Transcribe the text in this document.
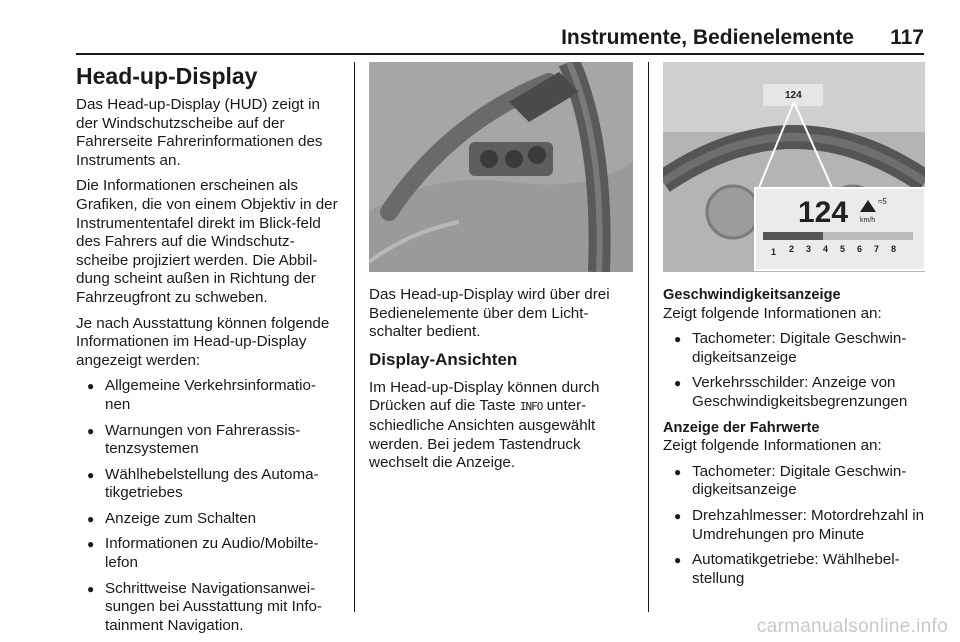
Instrumente, Bedienelemente 117
Head-up-Display

Das Head-up-Display (HUD) zeigt in der Windschutzscheibe auf der Fahrerseite Fahrerinformationen des Instruments an.

Die Informationen erscheinen als Grafiken, die von einem Objektiv in der Instrumententafel direkt im Blick-feld des Fahrers auf die Windschutz-scheibe projiziert werden. Die Abbil-dung scheint außen in Richtung der Fahrzeugfront zu schweben.

Je nach Ausstattung können folgende Informationen im Head-up-Display angezeigt werden:

● Allgemeine Verkehrsinformatio-nen
● Warnungen von Fahrerassis-tenzsystemen
● Wählhebelstellung des Automa-tikgetriebes
● Anzeige zum Schalten
● Informationen zu Audio/Mobilte-lefon
● Schrittweise Navigationsanwei-sungen bei Ausstattung mit Info-tainment Navigation.

Das Head-up-Display wird über drei Bedienelemente über dem Licht-schalter bedient.

Display-Ansichten

Im Head-up-Display können durch Drücken auf die Taste INFO unter-schiedliche Ansichten ausgewählt werden. Bei jedem Tastendruck wechselt die Anzeige.

124
124 km/h
≈5
1 2 3 4 5 6 7 8
Geschwindigkeitsanzeige

Zeigt folgende Informationen an:

● Tachometer: Digitale Geschwin-digkeitsanzeige
● Verkehrsschilder: Anzeige von Geschwindigkeitsbegrenzungen
Anzeige der Fahrwerte

Zeigt folgende Informationen an:

● Tachometer: Digitale Geschwin-digkeitsanzeige
● Drehzahlmesser: Motordrehzahl in Umdrehungen pro Minute
● Automatikgetriebe: Wählhebel-stellung
carmanualsonline.info
